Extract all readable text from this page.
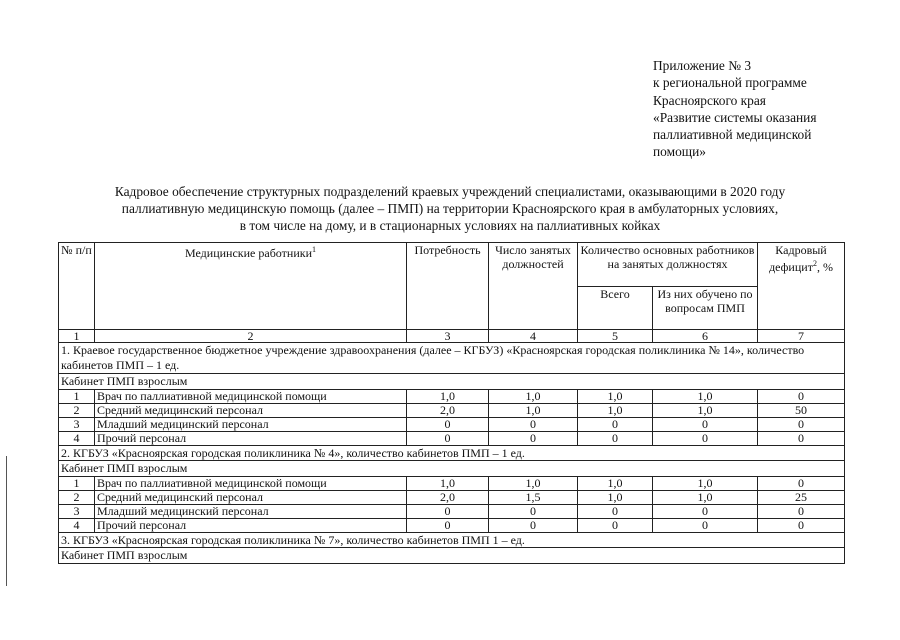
Приложение № 3
к региональной программе
Красноярского края
«Развитие системы оказания
паллиативной медицинской
помощи»
Кадровое обеспечение структурных подразделений краевых учреждений специалистами, оказывающими в 2020 году
паллиативную медицинскую помощь (далее – ПМП) на территории Красноярского края в амбулаторных условиях,
в том числе на дому, и в стационарных условиях на паллиативных койках
№ п/п	Медицинские работники$^1$	Потребность	Число занятых должностей	Количество основных работников на занятых должностях		Кадровый дефицит$^2$, %
				Всего	Из них обучено по вопросам ПМП	
1	2	3	4	5	6	7
1. Краевое государственное бюджетное учреждение здравоохранения (далее – КГБУЗ) «Красноярская городская поликлиника № 14», количество кабинетов ПМП – 1 ед.						
Кабинет ПМП взрослым						
1	Врач по паллиативной медицинской помощи	1,0	1,0	1,0	1,0	0
2	Средний медицинский персонал	2,0	1,0	1,0	1,0	50
3	Младший медицинский персонал	0	0	0	0	0
4	Прочий персонал	0	0	0	0	0
2. КГБУЗ «Красноярская городская поликлиника № 4», количество кабинетов ПМП – 1 ед.						
Кабинет ПМП взрослым						
1	Врач по паллиативной медицинской помощи	1,0	1,0	1,0	1,0	0
2	Средний медицинский персонал	2,0	1,5	1,0	1,0	25
3	Младший медицинский персонал	0	0	0	0	0
4	Прочий персонал	0	0	0	0	0
3. КГБУЗ «Красноярская городская поликлиника № 7», количество кабинетов ПМП 1 – ед.						
Кабинет ПМП взрослым						
